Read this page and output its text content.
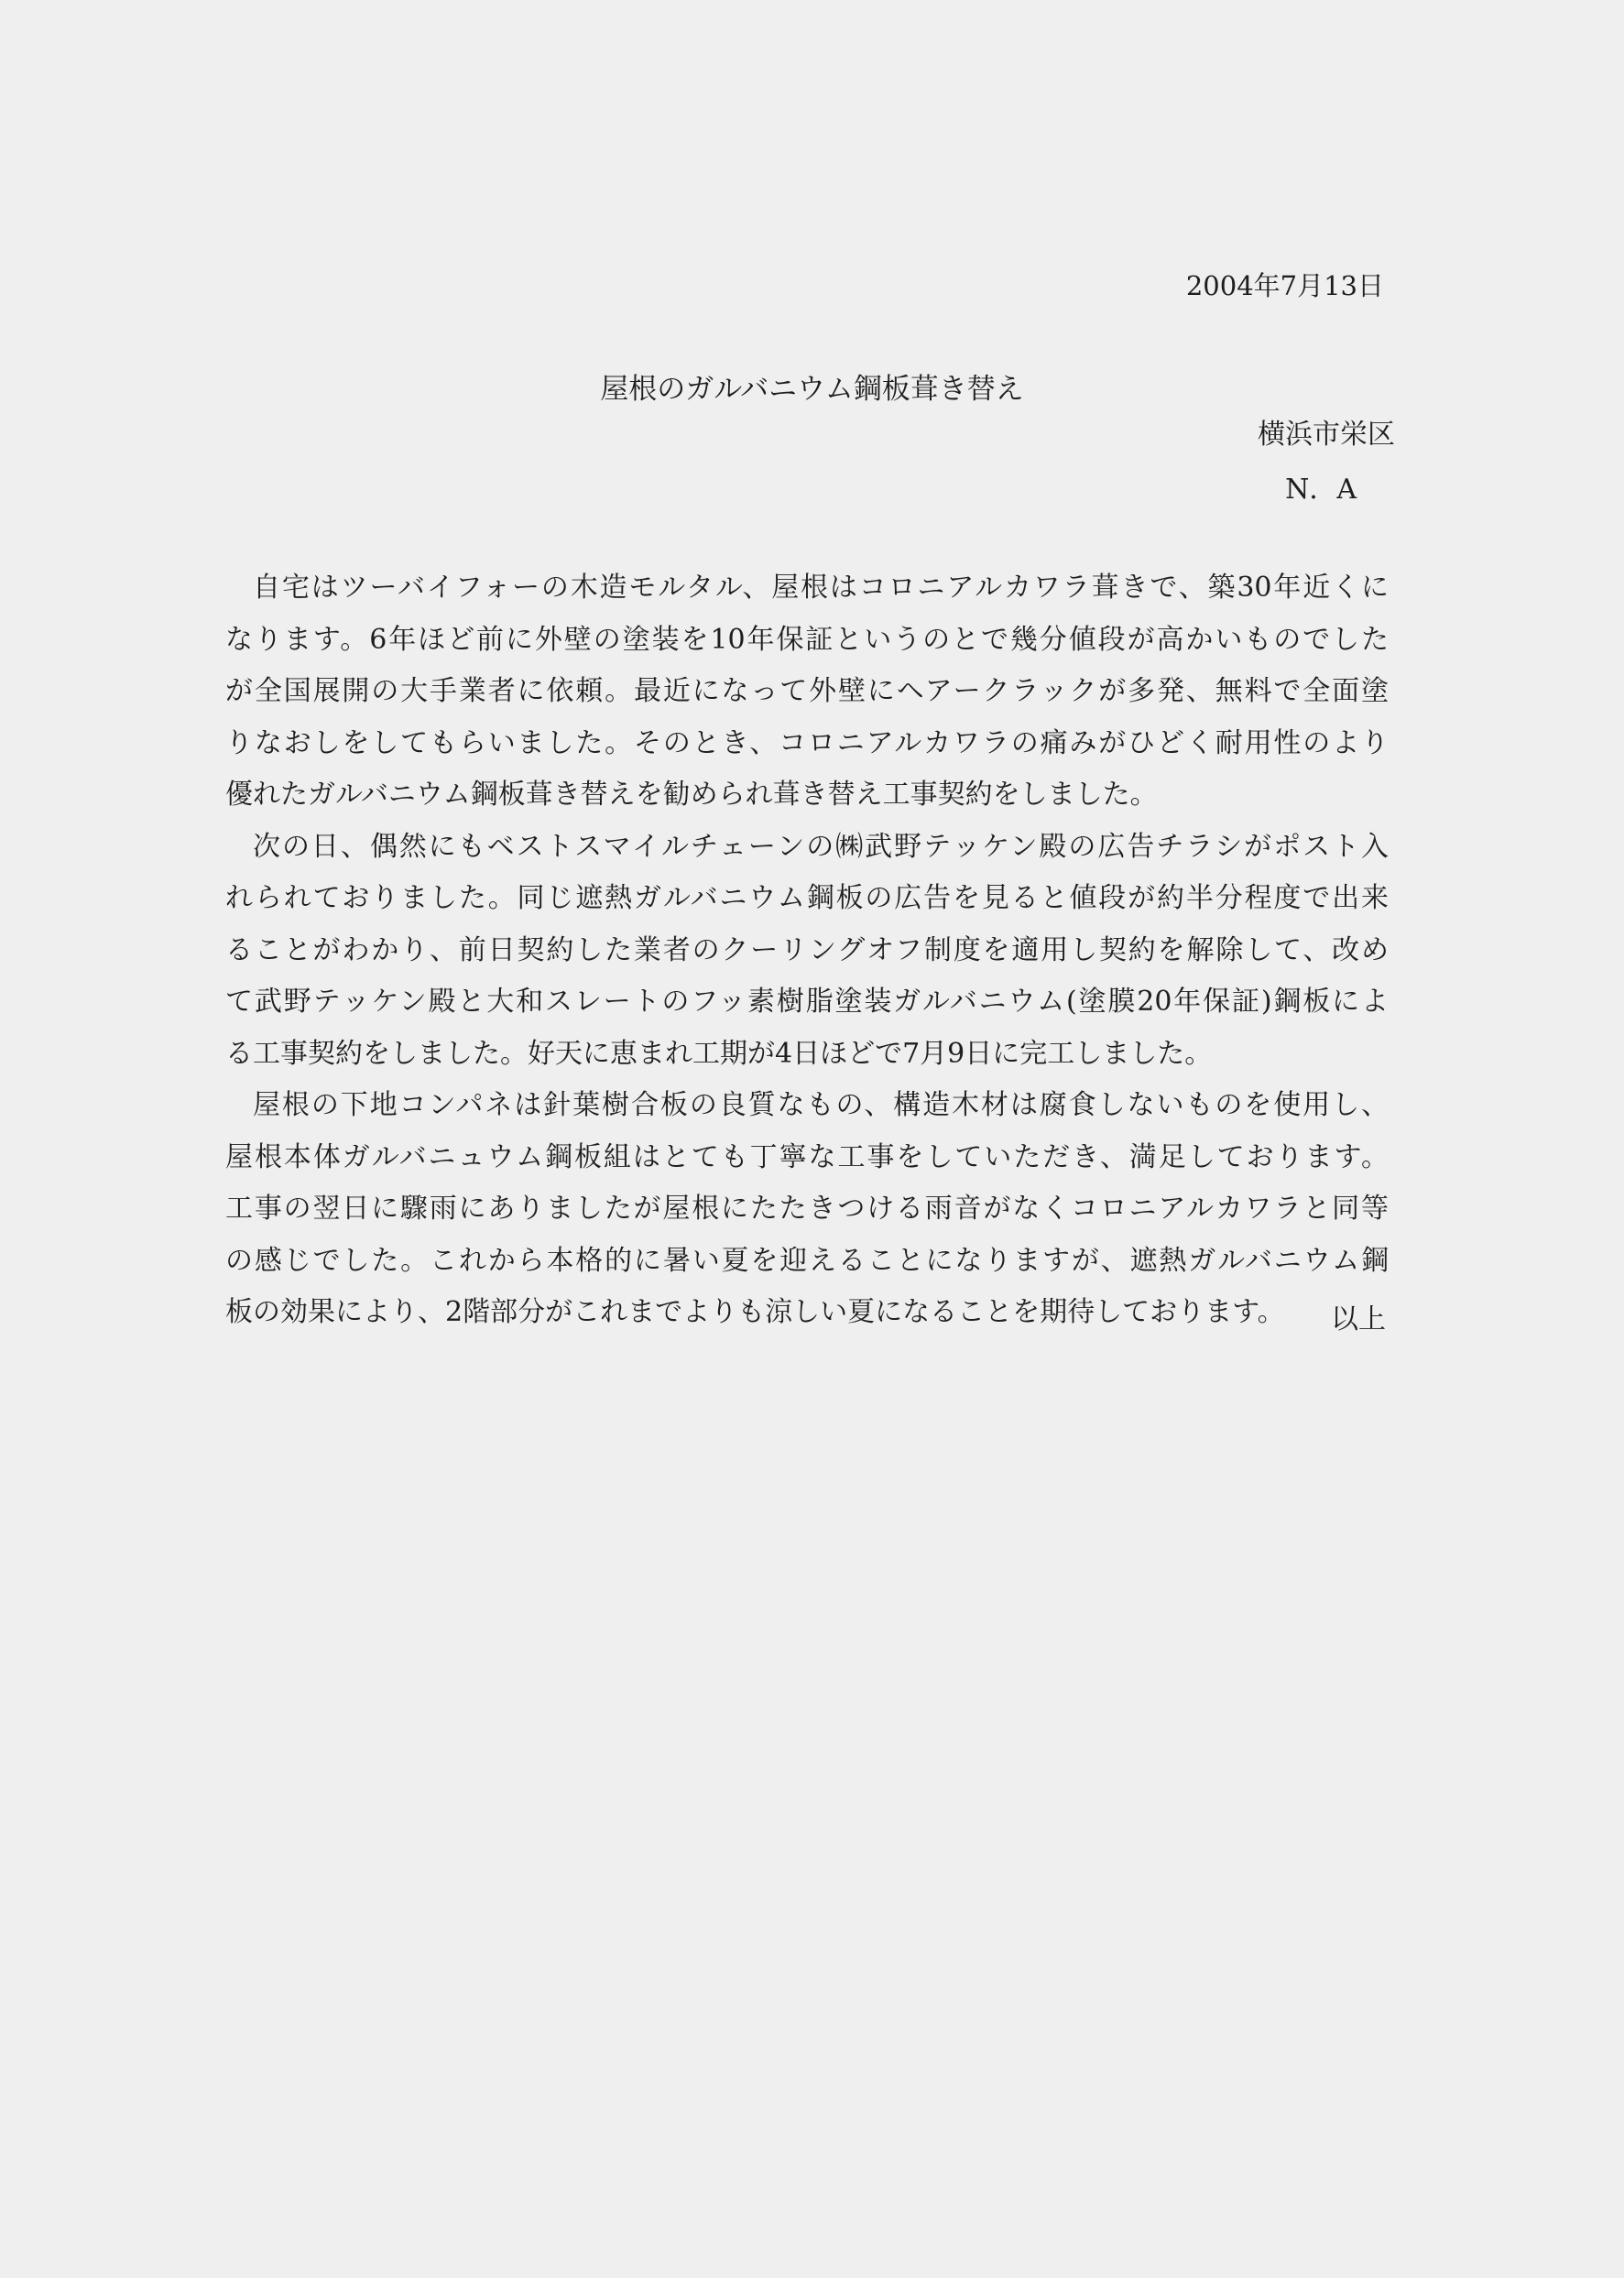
2004年7月13日
屋根のガルバニウム鋼板葺き替え
横浜市栄区
N．A
自宅はツーバイフォーの木造モルタル、屋根はコロニアルカワラ葺きで、築30年近くに
なります。6年ほど前に外壁の塗装を10年保証というのとで幾分値段が高かいものでした
が全国展開の大手業者に依頼。最近になって外壁にヘアークラックが多発、無料で全面塗
りなおしをしてもらいました。そのとき、コロニアルカワラの痛みがひどく耐用性のより
優れたガルバニウム鋼板葺き替えを勧められ葺き替え工事契約をしました。
次の日、偶然にもベストスマイルチェーンの㈱武野テッケン殿の広告チラシがポスト入
れられておりました。同じ遮熱ガルバニウム鋼板の広告を見ると値段が約半分程度で出来
ることがわかり、前日契約した業者のクーリングオフ制度を適用し契約を解除して、改め
て武野テッケン殿と大和スレートのフッ素樹脂塗装ガルバニウム(塗膜20年保証)鋼板によ
る工事契約をしました。好天に恵まれ工期が4日ほどで7月9日に完工しました。
屋根の下地コンパネは針葉樹合板の良質なもの、構造木材は腐食しないものを使用し、
屋根本体ガルバニュウム鋼板組はとても丁寧な工事をしていただき、満足しております。
工事の翌日に驟雨にありましたが屋根にたたきつける雨音がなくコロニアルカワラと同等
の感じでした。これから本格的に暑い夏を迎えることになりますが、遮熱ガルバニウム鋼
板の効果により、2階部分がこれまでよりも涼しい夏になることを期待しております。	以上
